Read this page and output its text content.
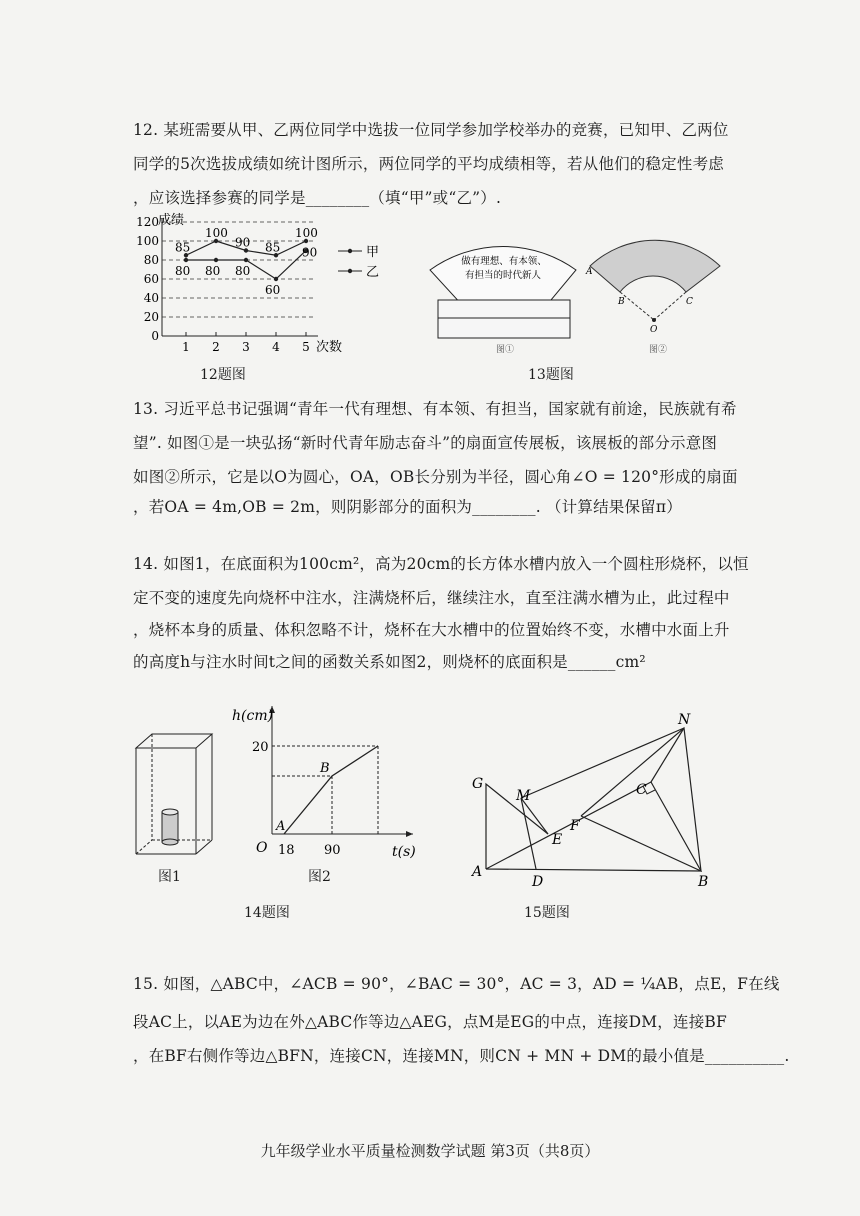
12. 某班需要从甲、乙两位同学中选拔一位同学参加学校举办的竞赛，已知甲、乙两位
同学的5次选拔成绩如统计图所示，两位同学的平均成绩相等，若从他们的稳定性考虑
，应该选择参赛的同学是________（填“甲”或“乙”）.
成绩
0
20
40
60
80
100
120
1 2 3 4 5
85
100
90 85
100
甲
80 80 80
60
90
乙
次数
12题图
做有理想、有本领、
有担当的时代新人
图①
A
B	C
O
图②
13题图
13. 习近平总书记强调“青年一代有理想、有本领、有担当，国家就有前途，民族就有希
望”. 如图①是一块弘扬“新时代青年励志奋斗”的扇面宣传展板，该展板的部分示意图
如图②所示，它是以O为圆心，OA，OB长分别为半径，圆心角∠O = 120°形成的扇面
，若OA = 4m,OB = 2m，则阴影部分的面积为________. （计算结果保留π）
14. 如图1，在底面积为100cm²，高为20cm的长方体水槽内放入一个圆柱形烧杯，以恒
定不变的速度先向烧杯中注水，注满烧杯后，继续注水，直至注满水槽为止，此过程中
，烧杯本身的质量、体积忽略不计，烧杯在大水槽中的位置始终不变，水槽中水面上升
的高度h与注水时间t之间的函数关系如图2，则烧杯的底面积是______cm²
图1
h(cm)
20
A
B
O 18 90	t(s)
图2
14题图
N
G
M	C
E
F
A
D	B
15题图
15. 如图，△ABC中，∠ACB = 90°，∠BAC = 30°，AC = 3，AD = ¼AB，点E，F在线
段AC上，以AE为边在外△ABC作等边△AEG，点M是EG的中点，连接DM，连接BF
，在BF右侧作等边△BFN，连接CN，连接MN，则CN + MN + DM的最小值是__________.
九年级学业水平质量检测数学试题 第3页（共8页）
